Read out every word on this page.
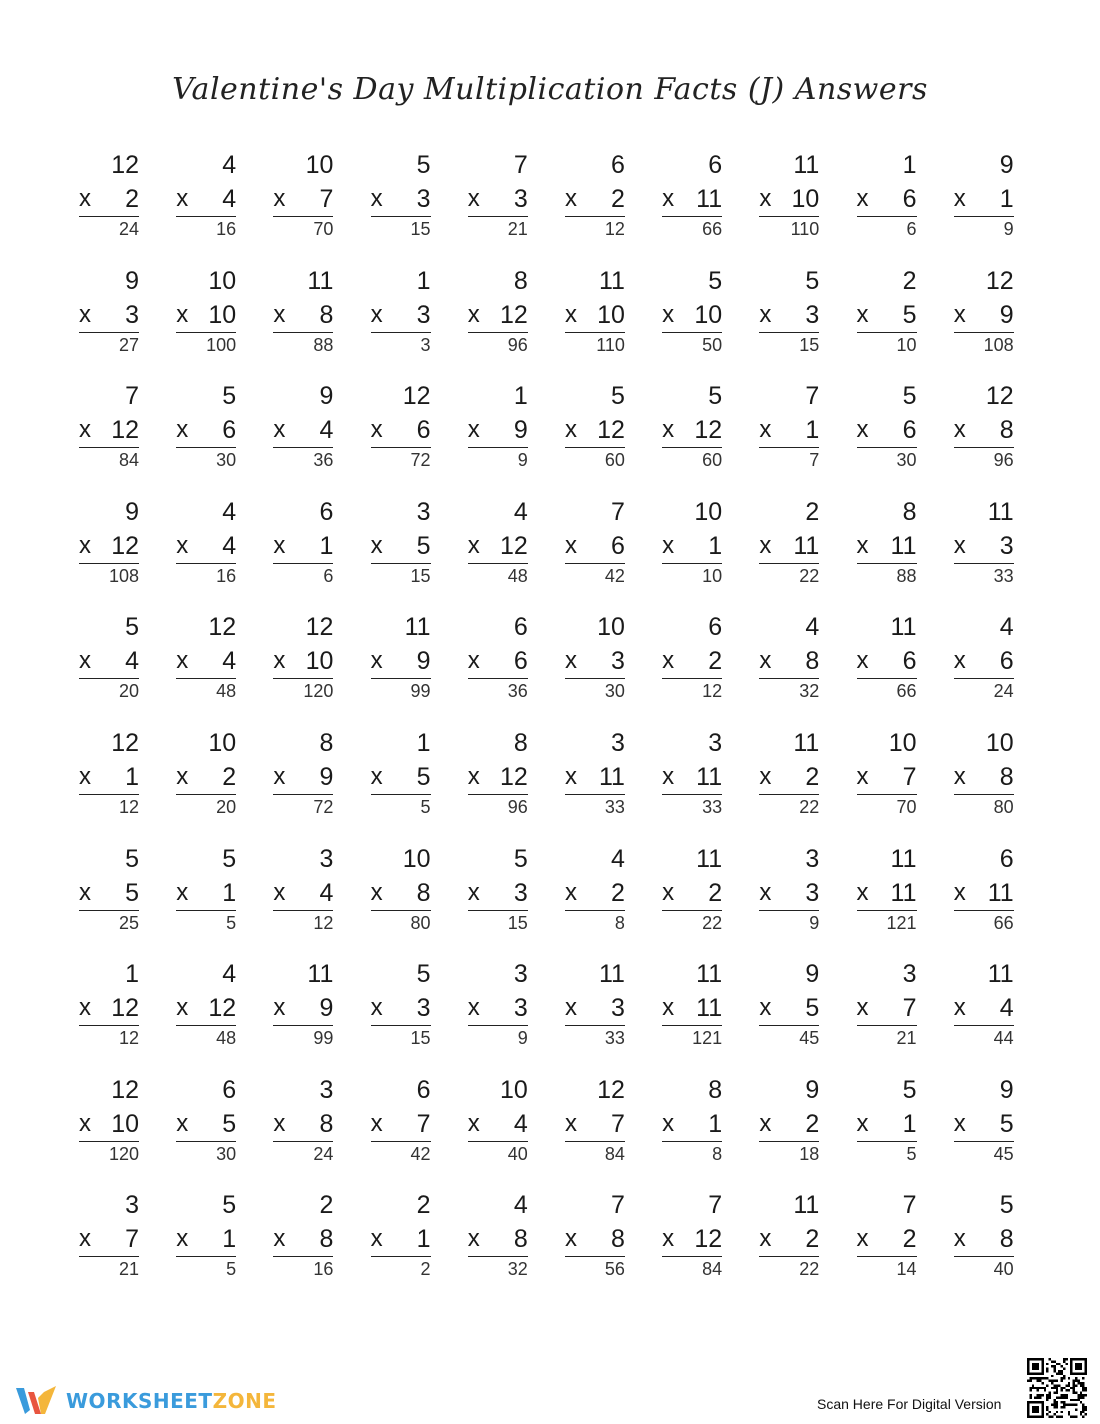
Valentine's Day Multiplication Facts (J) Answers
12
x 2
24
4
x 4
16
10
x 7
70
5
x 3
15
7
x 3
21
6
x 2
12
6
x 11
66
11
x 10
110
1
x 6
6
9
x 1
9
9
x 3
27
10
x 10
100
11
x 8
88
1
x 3
3
8
x 12
96
11
x 10
110
5
x 10
50
5
x 3
15
2
x 5
10
12
x 9
108
7
x 12
84
5
x 6
30
9
x 4
36
12
x 6
72
1
x 9
9
5
x 12
60
5
x 12
60
7
x 1
7
5
x 6
30
12
x 8
96
9
x 12
108
4
x 4
16
6
x 1
6
3
x 5
15
4
x 12
48
7
x 6
42
10
x 1
10
2
x 11
22
8
x 11
88
11
x 3
33
5
x 4
20
12
x 4
48
12
x 10
120
11
x 9
99
6
x 6
36
10
x 3
30
6
x 2
12
4
x 8
32
11
x 6
66
4
x 6
24
12
x 1
12
10
x 2
20
8
x 9
72
1
x 5
5
8
x 12
96
3
x 11
33
3
x 11
33
11
x 2
22
10
x 7
70
10
x 8
80
5
x 5
25
5
x 1
5
3
x 4
12
10
x 8
80
5
x 3
15
4
x 2
8
11
x 2
22
3
x 3
9
11
x 11
121
6
x 11
66
1
x 12
12
4
x 12
48
11
x 9
99
5
x 3
15
3
x 3
9
11
x 3
33
11
x 11
121
9
x 5
45
3
x 7
21
11
x 4
44
12
x 10
120
6
x 5
30
3
x 8
24
6
x 7
42
10
x 4
40
12
x 7
84
8
x 1
8
9
x 2
18
5
x 1
5
9
x 5
45
3
x 7
21
5
x 1
5
2
x 8
16
2
x 1
2
4
x 8
32
7
x 8
56
7
x 12
84
11
x 2
22
7
x 2
14
5
x 8
40
WORKSHEETZONE	Scan Here For Digital Version
